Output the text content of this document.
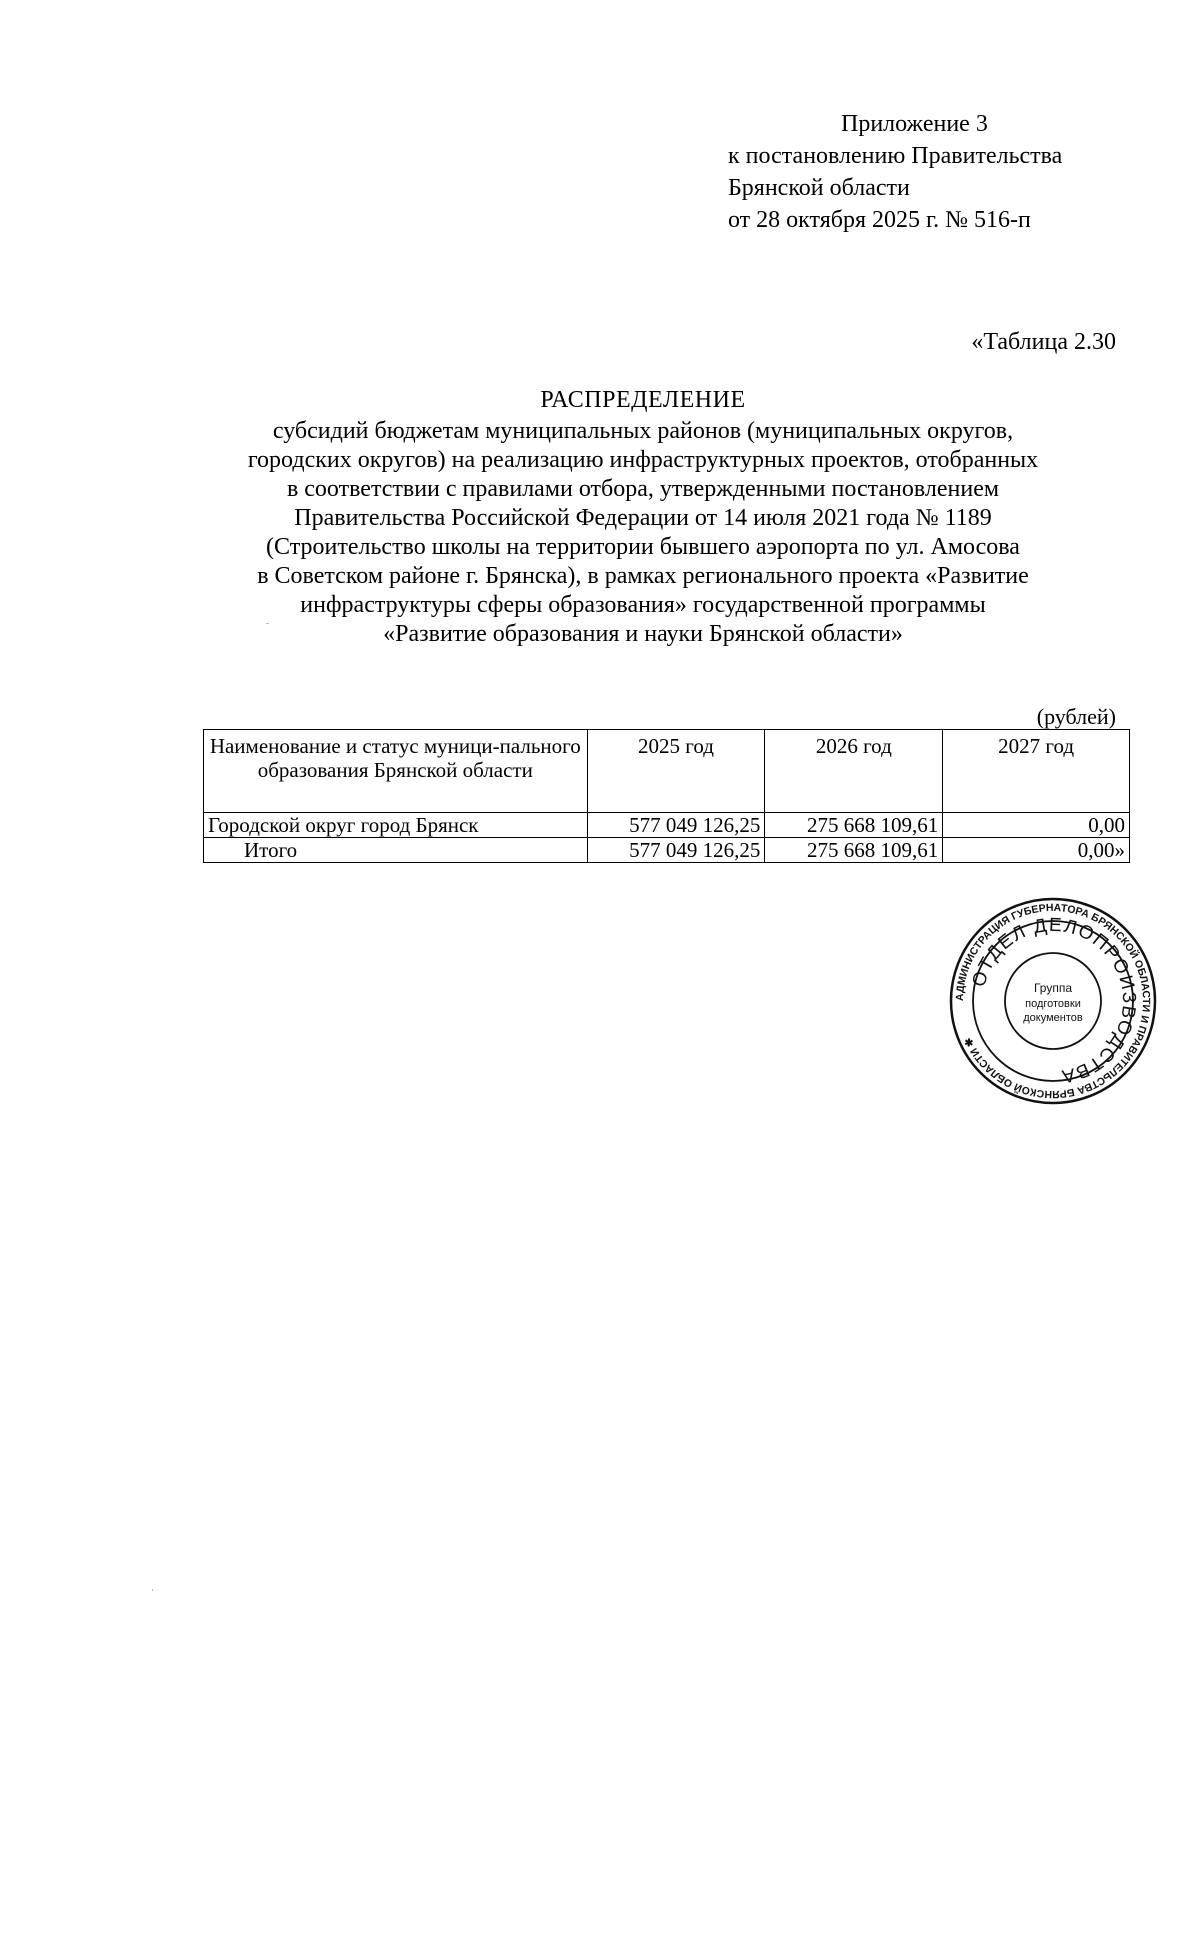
Приложение 3
к постановлению Правительства
Брянской области
от 28 октября 2025 г. № 516-п
«Таблица 2.30
РАСПРЕДЕЛЕНИЕ
субсидий бюджетам муниципальных районов (муниципальных округов,
городских округов) на реализацию инфраструктурных проектов, отобранных
в соответствии с правилами отбора, утвержденными постановлением
Правительства Российской Федерации от 14 июля 2021 года № 1189
(Строительство школы на территории бывшего аэропорта по ул. Амосова
в Советском районе г. Брянска), в рамках регионального проекта «Развитие
инфраструктуры сферы образования» государственной программы
«Развитие образования и науки Брянской области»
(рублей)
Наименование и статус муници-пального образования Брянской области	2025 год	2026 год	2027 год
Городской округ город Брянск	577 049 126,25	275 668 109,61	0,00
Итого	577 049 126,25	275 668 109,61	0,00»
АДМИНИСТРАЦИЯ ГУБЕРНАТОРА БРЯНСКОЙ ОБЛАСТИ И ПРАВИТЕЛЬСТВА БРЯНСКОЙ ОБЛАСТИ ✱
ОТДЕЛ ДЕЛОПРОИЗВОДСТВА
Группа
подготовки
документов
